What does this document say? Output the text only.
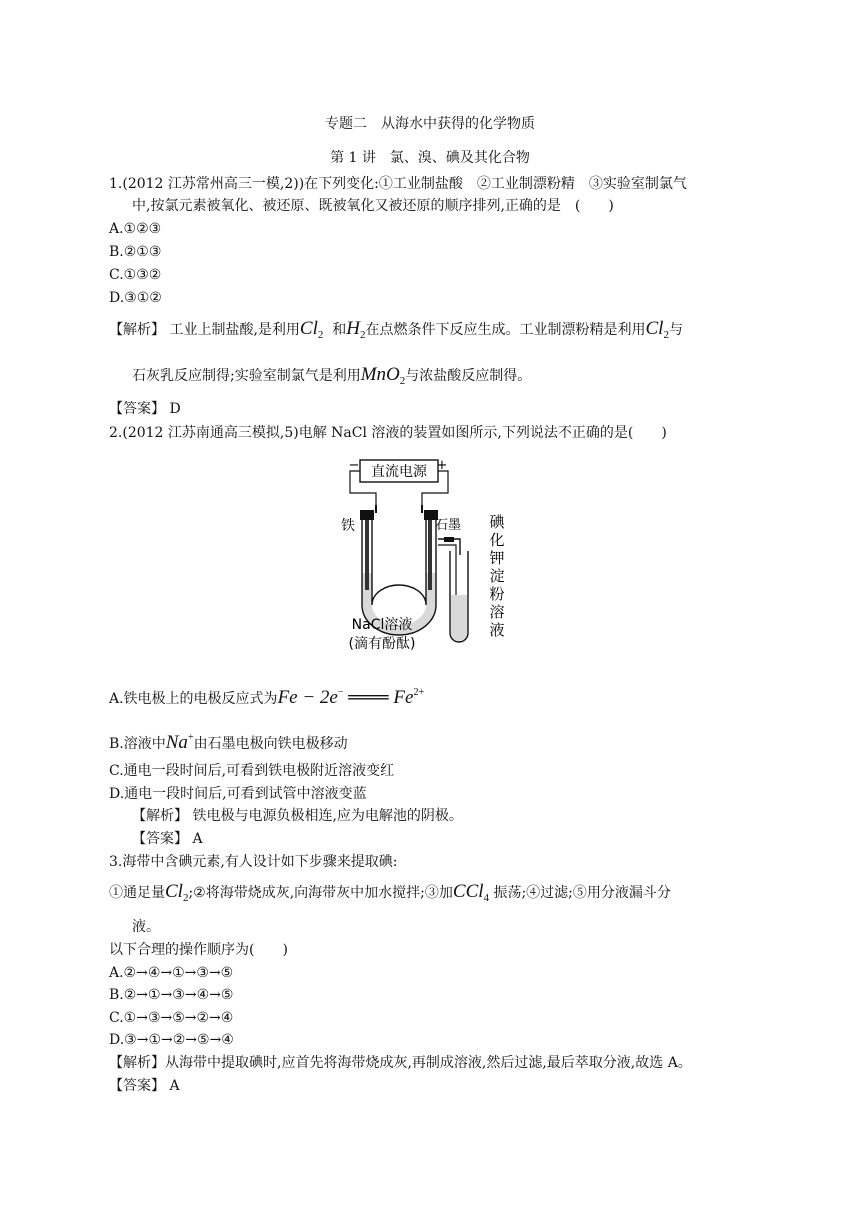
专题二　从海水中获得的化学物质
第 1 讲　氯、溴、碘及其化合物
1.(2012 江苏常州高三一模,2))在下列变化:①工业制盐酸　②工业制漂粉精　③实验室制氯气
中,按氯元素被氧化、被还原、既被氧化又被还原的顺序排列,正确的是　(　　)
A.①②③
B.②①③
C.①③②
D.③①②
【解析】 工业上制盐酸,是利用$Cl_2$ 和$H_2$在点燃条件下反应生成。工业制漂粉精是利用$Cl_2$与
石灰乳反应制得;实验室制氯气是利用MnO$_2$与浓盐酸反应制得。
【答案】 D
2.(2012 江苏南通高三模拟,5)电解 NaCl 溶液的装置如图所示,下列说法不正确的是(　　)
直流电源
−	+
铁	石墨 碘
化
钾
淀
粉
溶
液
NaCl溶液
(滴有酚酞)
A.铁电极上的电极反应式为Fe − 2e− ═══ $Fe^{2+}$
B.溶液中Na+由石墨电极向铁电极移动
C.通电一段时间后,可看到铁电极附近溶液变红
D.通电一段时间后,可看到试管中溶液变蓝
【解析】 铁电极与电源负极相连,应为电解池的阴极。
【答案】 A
3.海带中含碘元素,有人设计如下步骤来提取碘:
①通足量$Cl_2;②$将海带烧成灰,向海带灰中加水搅拌;③加CCl$_4$ 振荡;④过滤;⑤用分液漏斗分
液。
以下合理的操作顺序为(　　)
A.②→④→①→③→⑤
B.②→①→③→④→⑤
C.①→③→⑤→②→④
D.③→①→②→⑤→④
【解析】从海带中提取碘时,应首先将海带烧成灰,再制成溶液,然后过滤,最后萃取分液,故选 A。
【答案】 A
